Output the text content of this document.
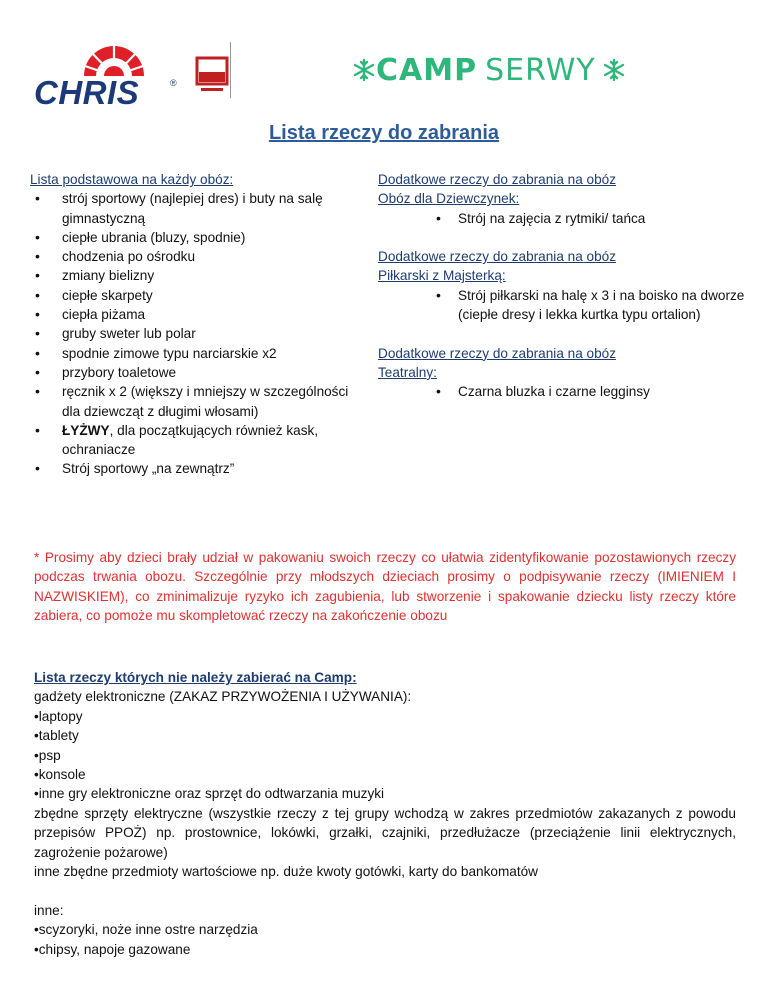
CHRIS	®	CAMP SERWY
Lista rzeczy do zabrania
Lista podstawowa na każdy obóz:
• strój sportowy (najlepiej dres) i buty na salę gimnastyczną
• ciepłe ubrania (bluzy, spodnie)
• chodzenia po ośrodku
• zmiany bielizny
• ciepłe skarpety
• ciepła piżama
• gruby sweter lub polar
• spodnie zimowe typu narciarskie x2
• przybory toaletowe
• ręcznik x 2 (większy i mniejszy w szczególności dla dziewcząt z długimi włosami)
• ŁYŻWY, dla początkujących również kask, ochraniacze
• Strój sportowy „na zewnątrz”
Dodatkowe rzeczy do zabrania na obóz
Obóz dla Dziewczynek:
• Strój na zajęcia z rytmiki/ tańca
Dodatkowe rzeczy do zabrania na obóz
Piłkarski z Majsterką:
• Strój piłkarski na halę x 3 i na boisko na dworze (ciepłe dresy i lekka kurtka typu ortalion)
Dodatkowe rzeczy do zabrania na obóz
Teatralny:
• Czarna bluzka i czarne legginsy

* Prosimy aby dzieci brały udział w pakowaniu swoich rzeczy co ułatwia zidentyfikowanie pozostawionych rzeczy podczas trwania obozu. Szczególnie przy młodszych dzieciach prosimy o podpisywanie rzeczy (IMIENIEM I NAZWISKIEM), co zminimalizuje ryzyko ich zagubienia, lub stworzenie i spakowanie dziecku listy rzeczy które zabiera, co pomoże mu skompletować rzeczy na zakończenie obozu

Lista rzeczy których nie należy zabierać na Camp:
gadżety elektroniczne (ZAKAZ PRZYWOŻENIA I UŻYWANIA):
•laptopy
•tablety
•psp
•konsole
•inne gry elektroniczne oraz sprzęt do odtwarzania muzyki
zbędne sprzęty elektryczne (wszystkie rzeczy z tej grupy wchodzą w zakres przedmiotów zakazanych z powodu przepisów PPOŻ) np. prostownice, lokówki, grzałki, czajniki, przedłużacze (przeciążenie linii elektrycznych, zagrożenie pożarowe)
inne zbędne przedmioty wartościowe np. duże kwoty gotówki, karty do bankomatów
inne:
•scyzoryki, noże inne ostre narzędzia
•chipsy, napoje gazowane
